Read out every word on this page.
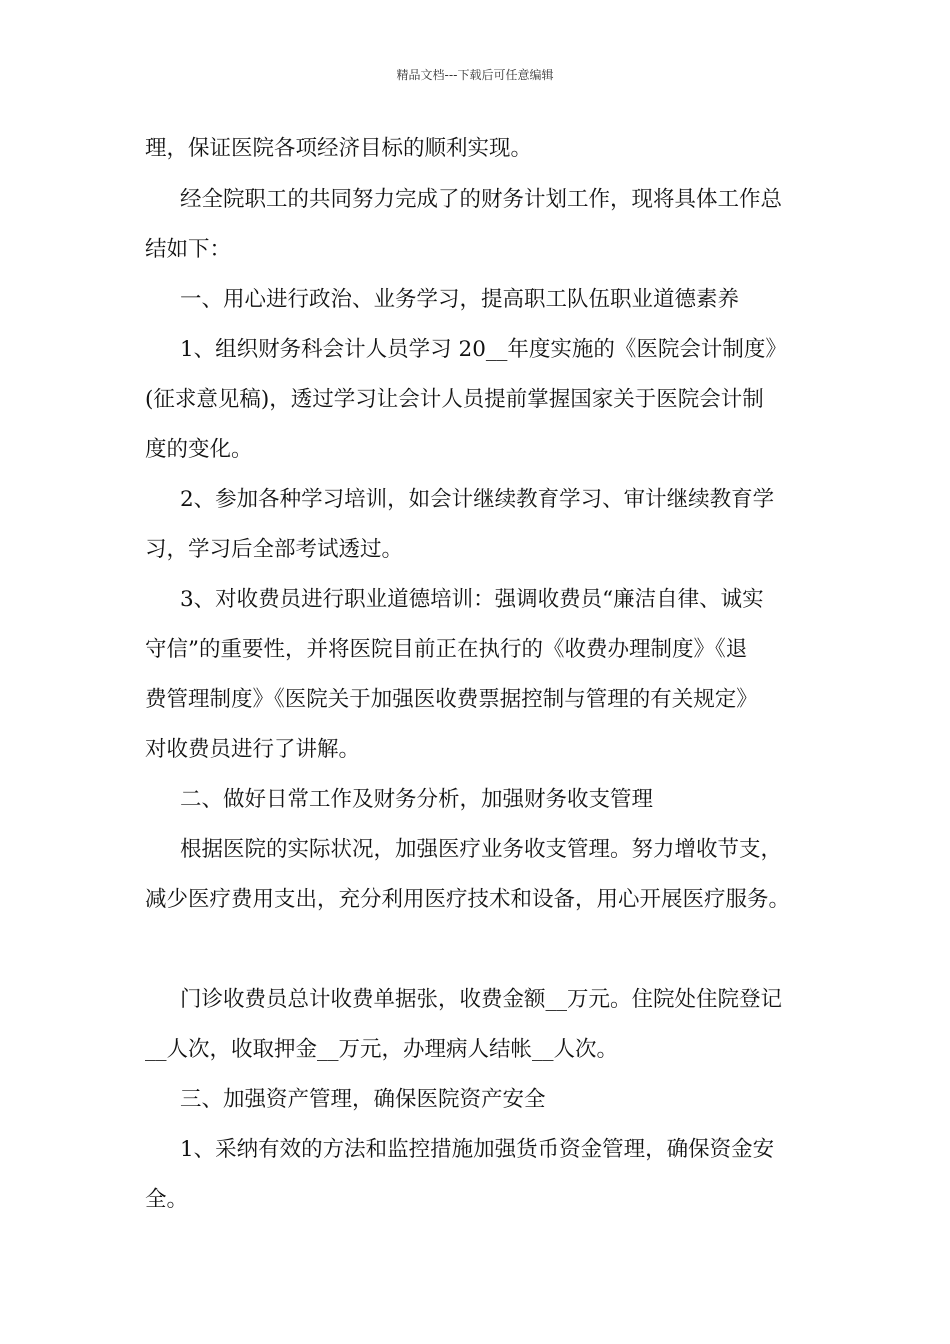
精品文档---下载后可任意编辑
理，保证医院各项经济目标的顺利实现。
经全院职工的共同努力完成了的财务计划工作，现将具体工作总
结如下：
一、用心进行政治、业务学习，提高职工队伍职业道德素养
1、组织财务科会计人员学习 20__年度实施的《医院会计制度》
(征求意见稿)，透过学习让会计人员提前掌握国家关于医院会计制
度的变化。
2、参加各种学习培训，如会计继续教育学习、审计继续教育学
习，学习后全部考试透过。
3、对收费员进行职业道德培训：强调收费员“廉洁自律、诚实
守信”的重要性，并将医院目前正在执行的《收费办理制度》《退
费管理制度》《医院关于加强医收费票据控制与管理的有关规定》
对收费员进行了讲解。
二、做好日常工作及财务分析，加强财务收支管理
根据医院的实际状况，加强医疗业务收支管理。努力增收节支，
减少医疗费用支出，充分利用医疗技术和设备，用心开展医疗服务。
门诊收费员总计收费单据张，收费金额__万元。住院处住院登记
__人次，收取押金__万元，办理病人结帐__人次。
三、加强资产管理，确保医院资产安全
1、采纳有效的方法和监控措施加强货币资金管理，确保资金安
全。
